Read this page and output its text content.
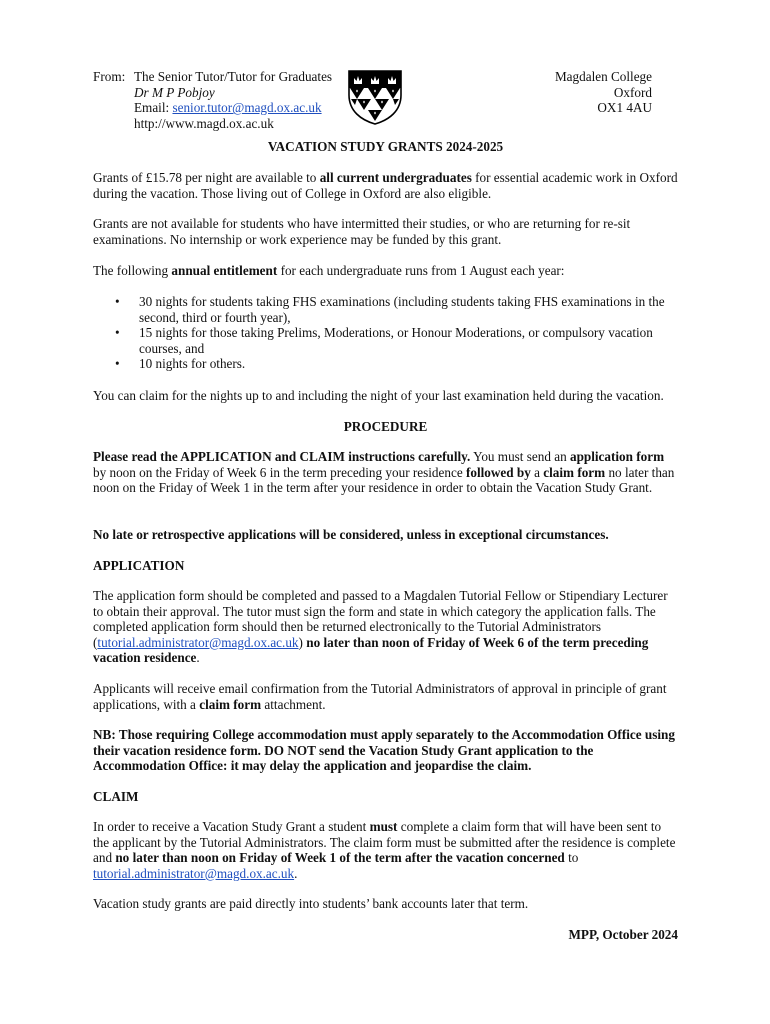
From: The Senior Tutor/Tutor for Graduates
Dr M P Pobjoy
Email: senior.tutor@magd.ox.ac.uk
http://www.magd.ox.ac.uk
Magdalen College
Oxford
OX1 4AU
VACATION STUDY GRANTS 2024-2025
Grants of £15.78 per night are available to all current undergraduates for essential academic work in Oxford during the vacation. Those living out of College in Oxford are also eligible.
Grants are not available for students who have intermitted their studies, or who are returning for re-sit examinations. No internship or work experience may be funded by this grant.
The following annual entitlement for each undergraduate runs from 1 August each year:
• 30 nights for students taking FHS examinations (including students taking FHS examinations in the second, third or fourth year),
• 15 nights for those taking Prelims, Moderations, or Honour Moderations, or compulsory vacation courses, and
• 10 nights for others.
You can claim for the nights up to and including the night of your last examination held during the vacation.
PROCEDURE
Please read the APPLICATION and CLAIM instructions carefully. You must send an application form by noon on the Friday of Week 6 in the term preceding your residence followed by a claim form no later than noon on the Friday of Week 1 in the term after your residence in order to obtain the Vacation Study Grant.
No late or retrospective applications will be considered, unless in exceptional circumstances.
APPLICATION
The application form should be completed and passed to a Magdalen Tutorial Fellow or Stipendiary Lecturer to obtain their approval. The tutor must sign the form and state in which category the application falls. The completed application form should then be returned electronically to the Tutorial Administrators (tutorial.administrator@magd.ox.ac.uk) no later than noon of Friday of Week 6 of the term preceding vacation residence.
Applicants will receive email confirmation from the Tutorial Administrators of approval in principle of grant applications, with a claim form attachment.
NB: Those requiring College accommodation must apply separately to the Accommodation Office using their vacation residence form. DO NOT send the Vacation Study Grant application to the Accommodation Office: it may delay the application and jeopardise the claim.
CLAIM
In order to receive a Vacation Study Grant a student must complete a claim form that will have been sent to the applicant by the Tutorial Administrators. The claim form must be submitted after the residence is complete and no later than noon on Friday of Week 1 of the term after the vacation concerned to tutorial.administrator@magd.ox.ac.uk.
Vacation study grants are paid directly into students’ bank accounts later that term.
MPP, October 2024
